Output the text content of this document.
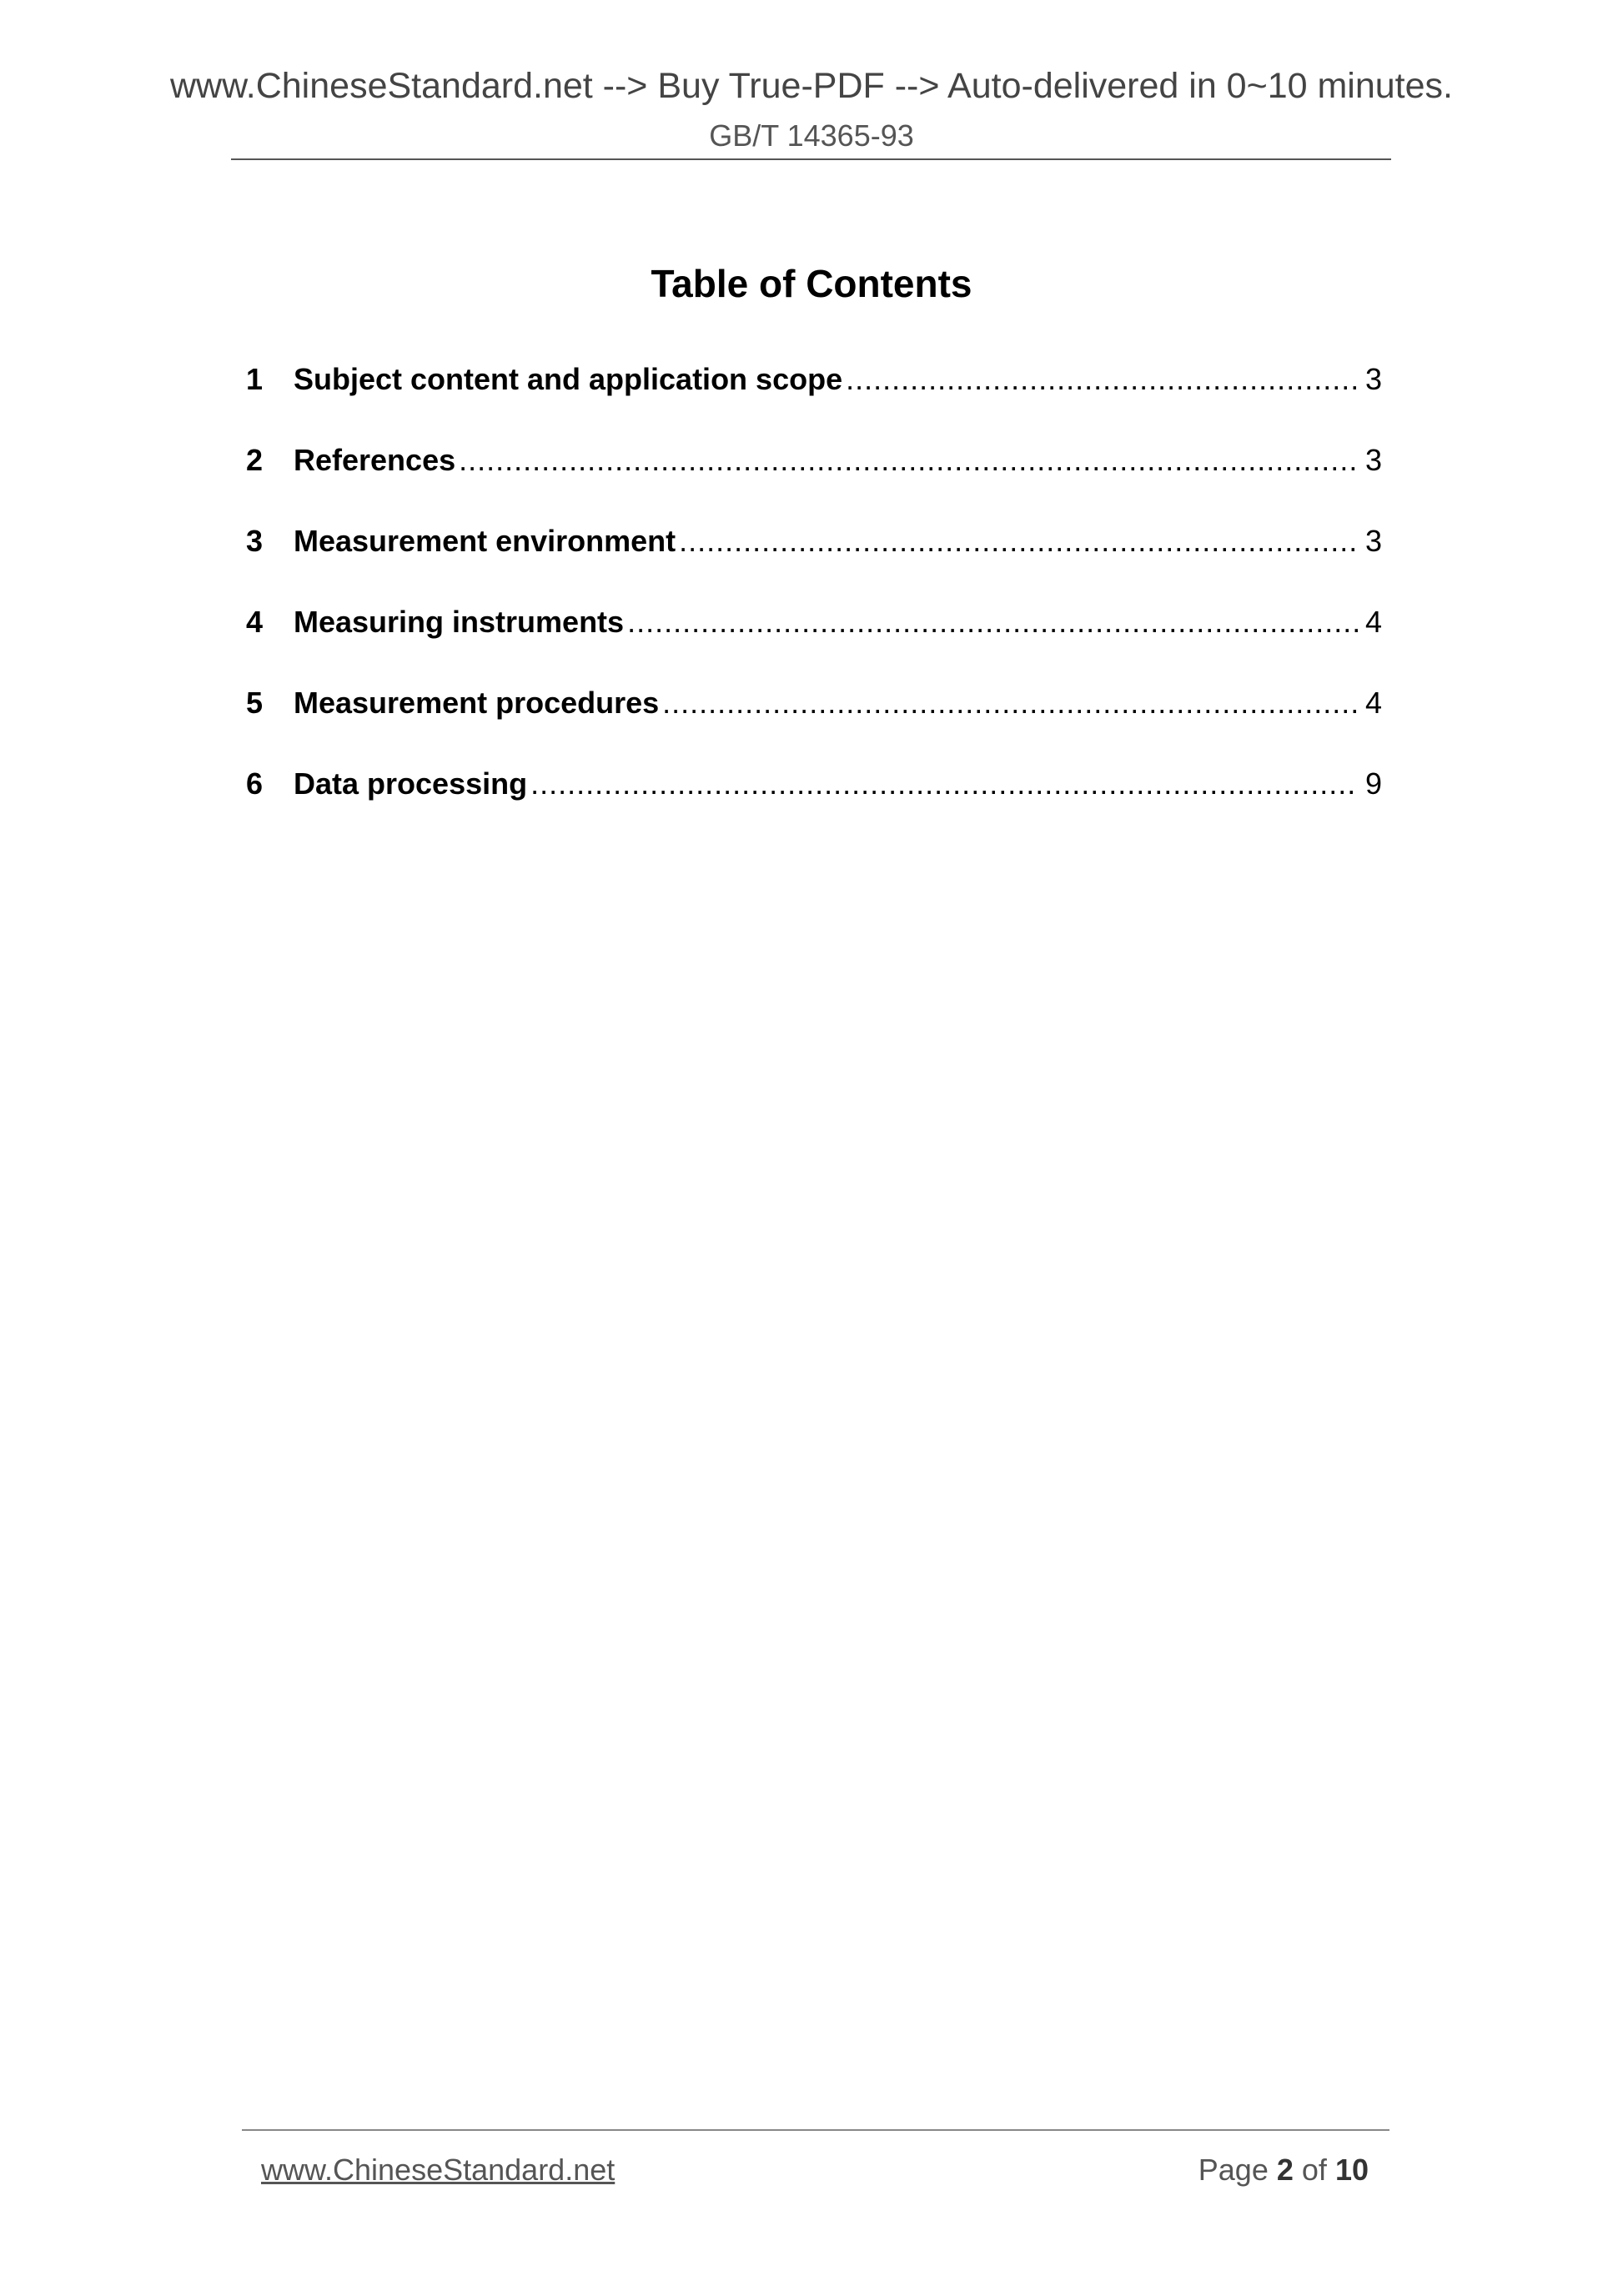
www.ChineseStandard.net --> Buy True-PDF --> Auto-delivered in 0~10 minutes.
GB/T 14365-93
Table of Contents
1	Subject content and application scope .....	3
2	References .....	3
3	Measurement environment .....	3
4	Measuring instruments .....	4
5	Measurement procedures .....	4
6	Data processing .....	9
www.ChineseStandard.net	Page 2 of 10
